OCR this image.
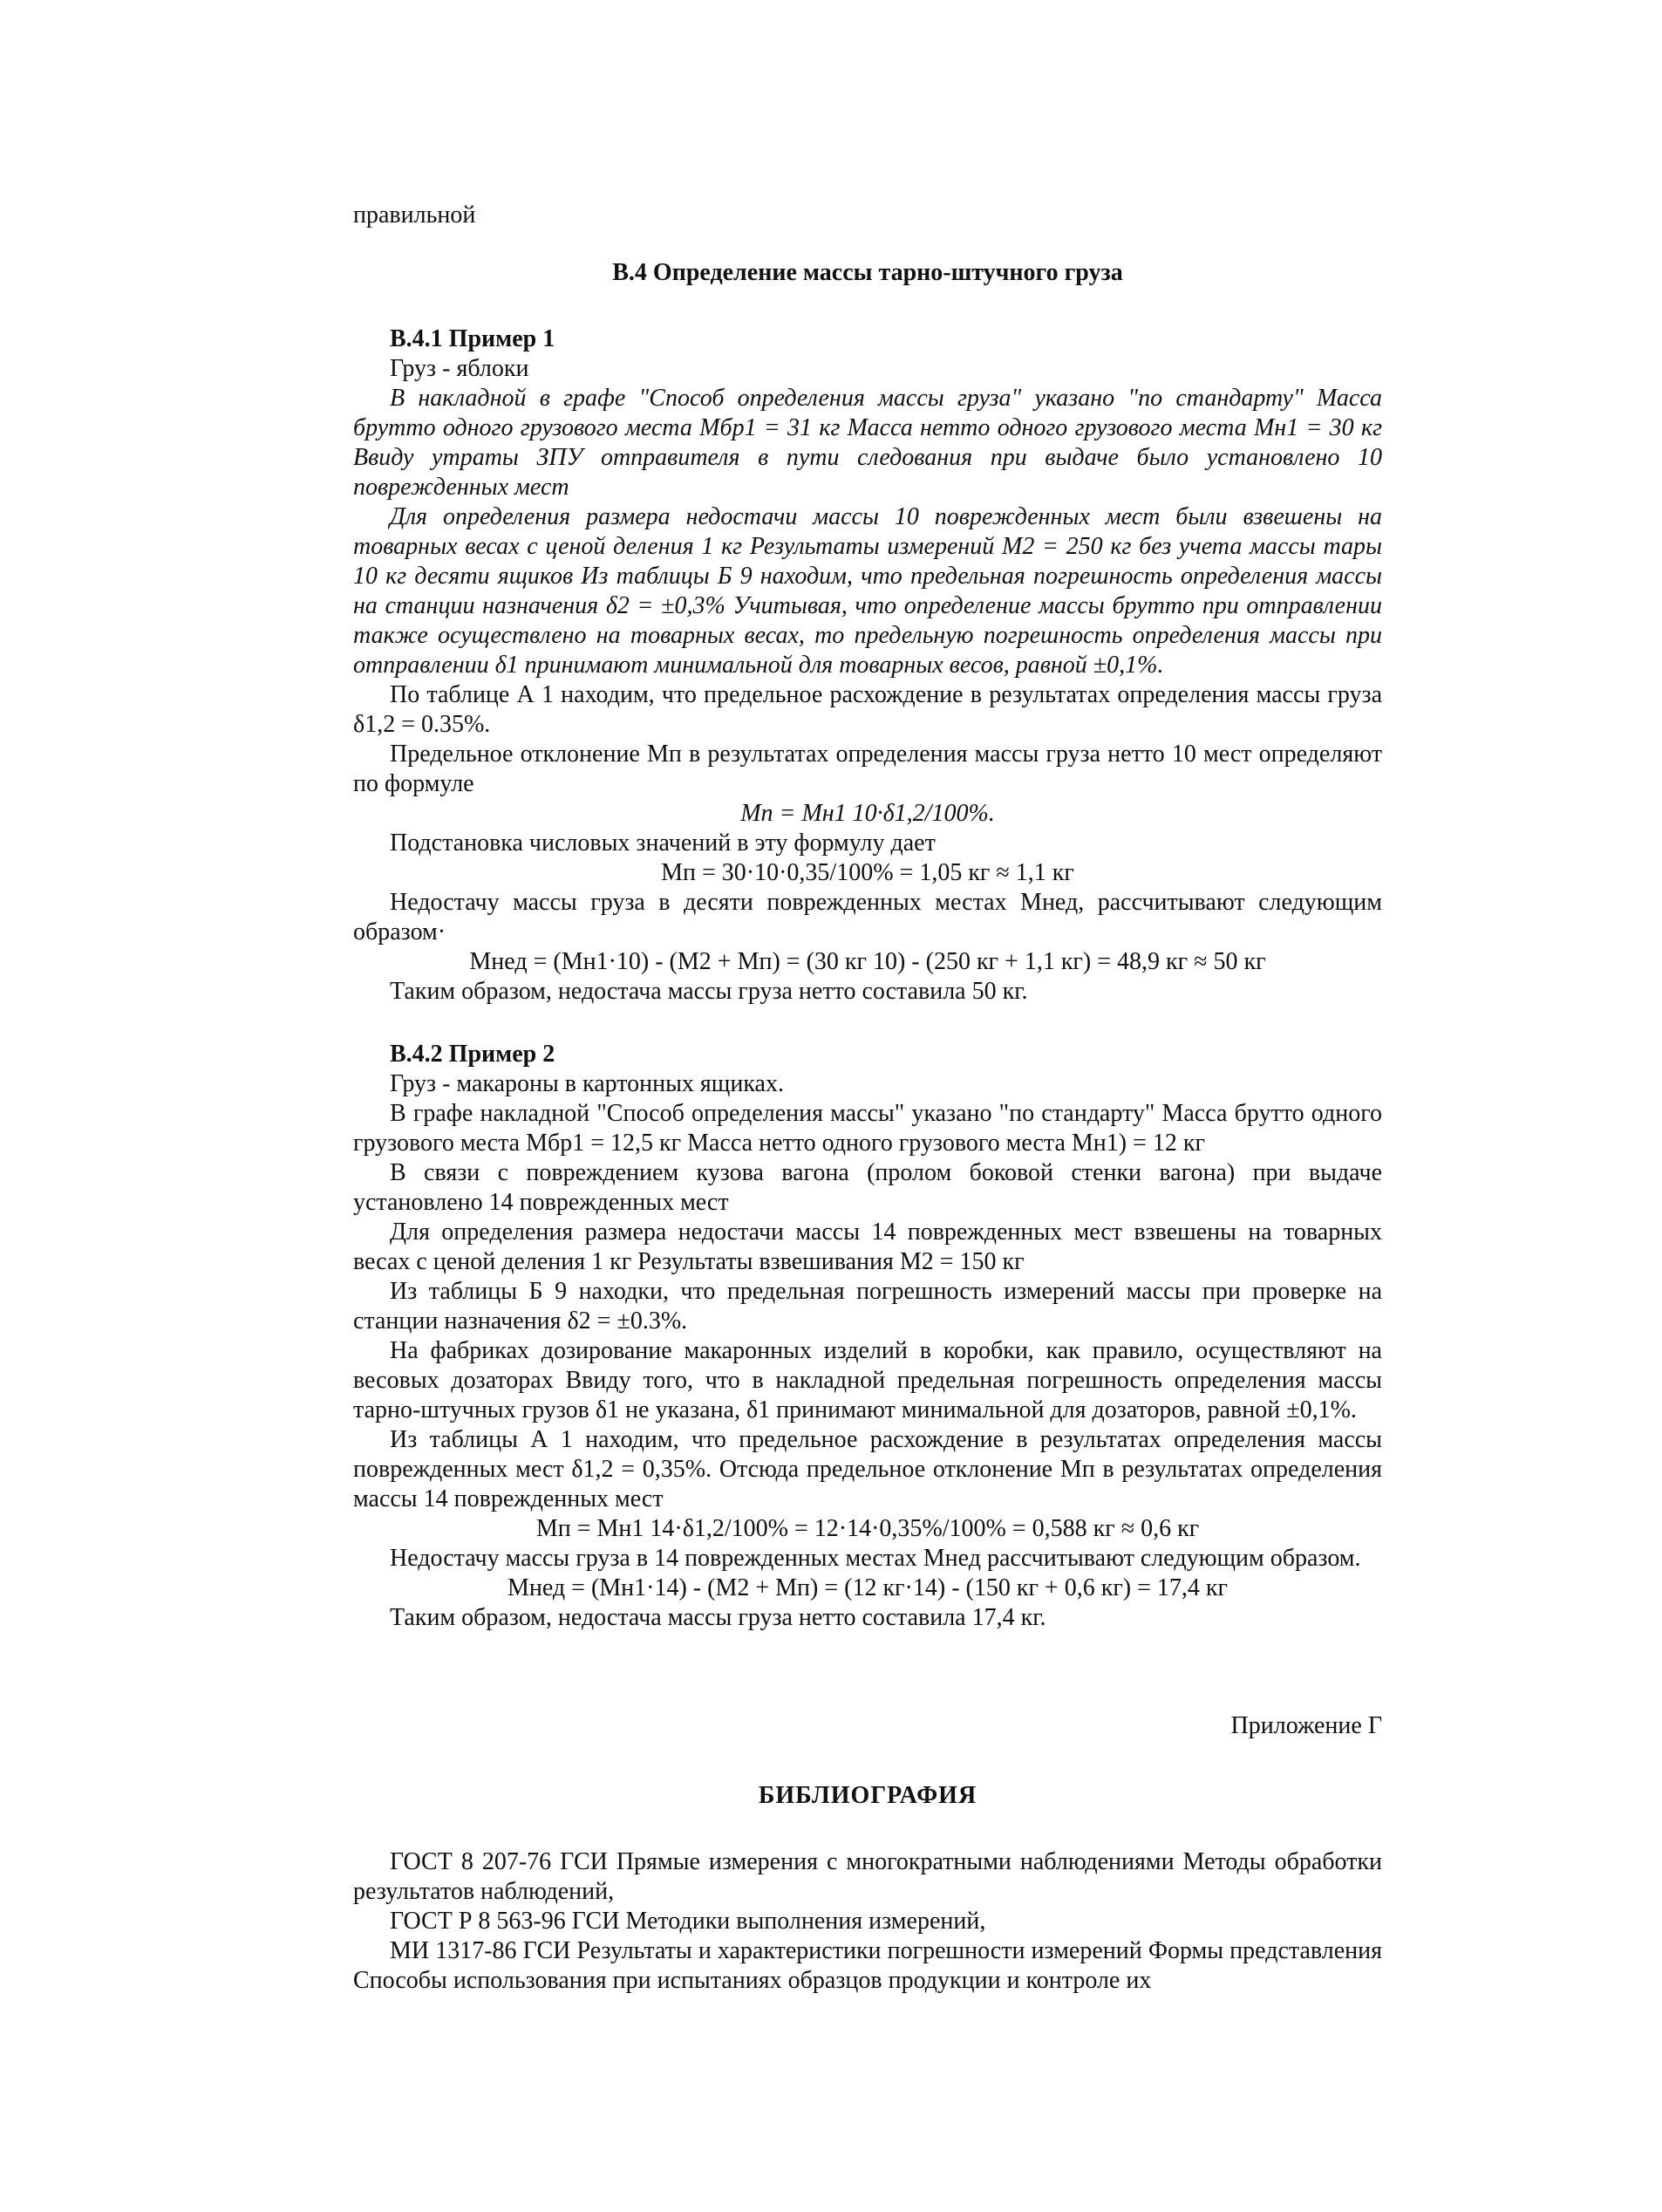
правильной

В.4 Определение массы тарно-штучного груза

В.4.1 Пример 1

Груз - яблоки

В накладной в графе "Способ определения массы груза" указано "по стандарту" Масса брутто одного грузового места Mбр1 = 31 кг Масса нетто одного грузового места Mн1 = 30 кг Ввиду утраты ЗПУ отправителя в пути следования при выдаче было установлено 10 поврежденных мест

Для определения размера недостачи массы 10 поврежденных мест были взвешены на товарных весах с ценой деления 1 кг Результаты измерений M2 = 250 кг без учета массы тары 10 кг десяти ящиков Из таблицы Б 9 находим, что предельная погрешность определения массы на станции назначения δ2 = ±0,3% Учитывая, что определение массы брутто при отправлении также осуществлено на товарных весах, то предельную погрешность определения массы при отправлении δ1 принимают минимальной для товарных весов, равной ±0,1%.

По таблице А 1 находим, что предельное расхождение в результатах определения массы груза δ1,2 = 0.35%.

Предельное отклонение Mп в результатах определения массы груза нетто 10 мест определяют по формуле

Mп = Mн1 10·δ1,2/100%.

Подстановка числовых значений в эту формулу дает

Mп = 30·10·0,35/100% = 1,05 кг ≈ 1,1 кг

Недостачу массы груза в десяти поврежденных местах Mнед, рассчитывают следующим образом·

Mнед = (Mн1·10) - (M2 + Mп) = (30 кг 10) - (250 кг + 1,1 кг) = 48,9 кг ≈ 50 кг

Таким образом, недостача массы груза нетто составила 50 кг.

В.4.2 Пример 2

Груз - макароны в картонных ящиках.

В графе накладной "Способ определения массы" указано "по стандарту" Масса брутто одного грузового места Mбр1 = 12,5 кг Масса нетто одного грузового места Mн1) = 12 кг

В связи с повреждением кузова вагона (пролом боковой стенки вагона) при выдаче установлено 14 поврежденных мест

Для определения размера недостачи массы 14 поврежденных мест взвешены на товарных весах с ценой деления 1 кг Результаты взвешивания M2 = 150 кг

Из таблицы Б 9 находки, что предельная погрешность измерений массы при проверке на станции назначения δ2 = ±0.3%.

На фабриках дозирование макаронных изделий в коробки, как правило, осуществляют на весовых дозаторах Ввиду того, что в накладной предельная погрешность определения массы тарно-штучных грузов δ1 не указана, δ1 принимают минимальной для дозаторов, равной ±0,1%.

Из таблицы А 1 находим, что предельное расхождение в результатах определения массы поврежденных мест δ1,2 = 0,35%. Отсюда предельное отклонение Mп в результатах определения массы 14 поврежденных мест

Mп = Mн1 14·δ1,2/100% = 12·14·0,35%/100% = 0,588 кг ≈ 0,6 кг

Недостачу массы груза в 14 поврежденных местах Mнед рассчитывают следующим образом.

Mнед = (Mн1·14) - (M2 + Mп) = (12 кг·14) - (150 кг + 0,6 кг) = 17,4 кг

Таким образом, недостача массы груза нетто составила 17,4 кг.

Приложение Г

БИБЛИОГРАФИЯ

ГОСТ 8 207-76 ГСИ Прямые измерения с многократными наблюдениями Методы обработки результатов наблюдений,

ГОСТ Р 8 563-96 ГСИ Методики выполнения измерений,

МИ 1317-86 ГСИ Результаты и характеристики погрешности измерений Формы представления Способы использования при испытаниях образцов продукции и контроле их
